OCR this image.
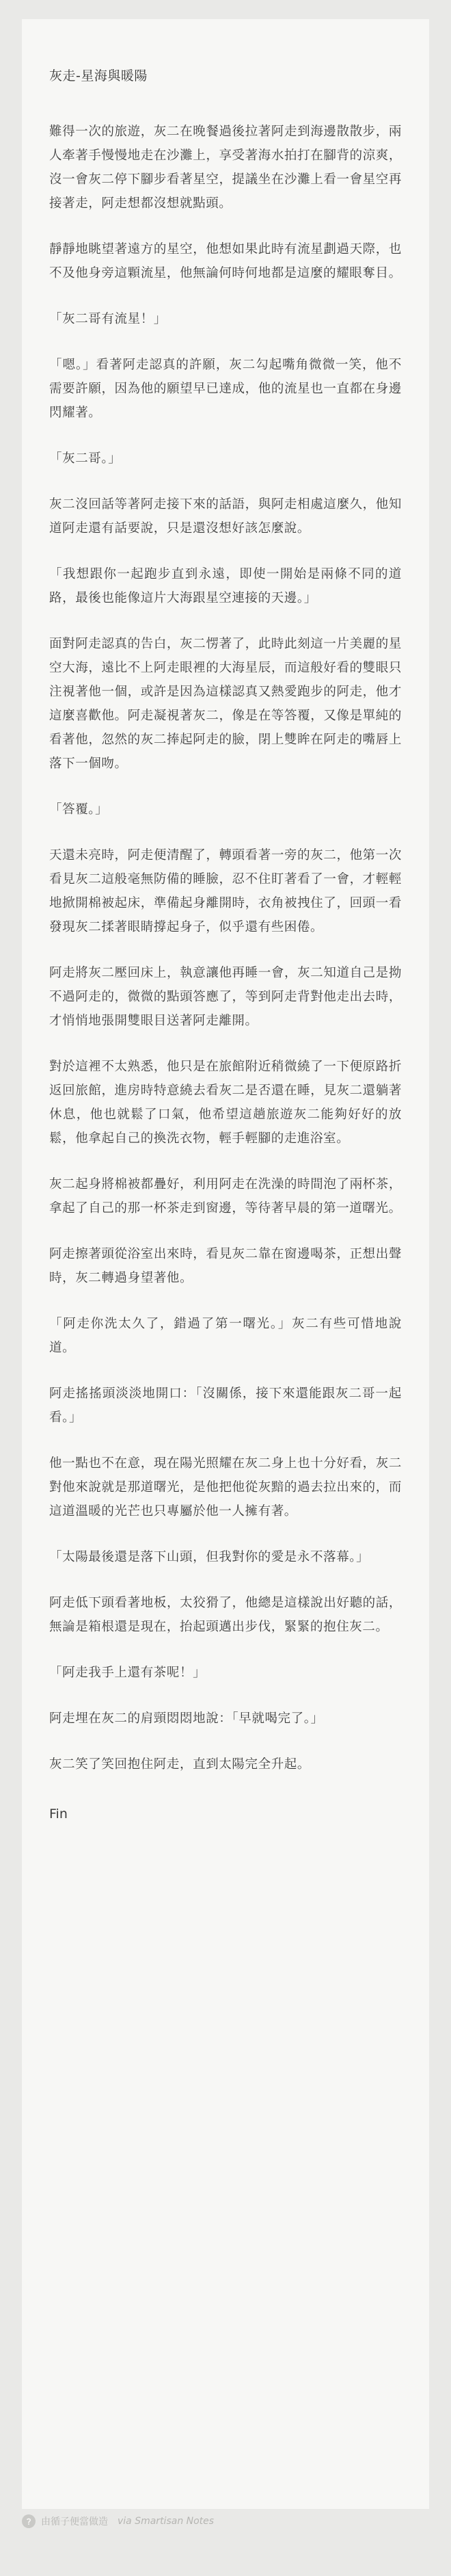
灰走-星海與暖陽

難得一次的旅遊，灰二在晚餐過後拉著阿走到海邊散散步，兩人牽著手慢慢地走在沙灘上，享受著海水拍打在腳背的涼爽，沒一會灰二停下腳步看著星空，提議坐在沙灘上看一會星空再接著走，阿走想都沒想就點頭。

靜靜地眺望著遠方的星空，他想如果此時有流星劃過天際，也不及他身旁這顆流星，他無論何時何地都是這麼的耀眼奪目。

「灰二哥有流星！」

「嗯。」看著阿走認真的許願，灰二勾起嘴角微微一笑，他不需要許願，因為他的願望早已達成，他的流星也一直都在身邊閃耀著。

「灰二哥。」

灰二沒回話等著阿走接下來的話語，與阿走相處這麼久，他知道阿走還有話要說，只是還沒想好該怎麼說。

「我想跟你一起跑步直到永遠，即使一開始是兩條不同的道路，最後也能像這片大海跟星空連接的天邊。」

面對阿走認真的告白，灰二愣著了，此時此刻這一片美麗的星空大海，遠比不上阿走眼裡的大海星辰，而這般好看的雙眼只注視著他一個，或許是因為這樣認真又熱愛跑步的阿走，他才這麼喜歡他。阿走凝視著灰二，像是在等答覆，又像是單純的看著他，忽然的灰二捧起阿走的臉，閉上雙眸在阿走的嘴唇上落下一個吻。

「答覆。」

天還未亮時，阿走便清醒了，轉頭看著一旁的灰二，他第一次看見灰二這般毫無防備的睡臉，忍不住盯著看了一會，才輕輕地掀開棉被起床，準備起身離開時，衣角被拽住了，回頭一看發現灰二揉著眼睛撐起身子，似乎還有些困倦。

阿走將灰二壓回床上，執意讓他再睡一會，灰二知道自己是拗不過阿走的，微微的點頭答應了，等到阿走背對他走出去時，才悄悄地張開雙眼目送著阿走離開。

對於這裡不太熟悉，他只是在旅館附近稍微繞了一下便原路折返回旅館，進房時特意繞去看灰二是否還在睡，見灰二還躺著休息，他也就鬆了口氣，他希望這趟旅遊灰二能夠好好的放鬆，他拿起自己的換洗衣物，輕手輕腳的走進浴室。

灰二起身將棉被都疊好，利用阿走在洗澡的時間泡了兩杯茶，拿起了自己的那一杯茶走到窗邊，等待著早晨的第一道曙光。

阿走擦著頭從浴室出來時，看見灰二靠在窗邊喝茶，正想出聲時，灰二轉過身望著他。

「阿走你洗太久了，錯過了第一曙光。」灰二有些可惜地說道。

阿走搖搖頭淡淡地開口：「沒關係，接下來還能跟灰二哥一起看。」

他一點也不在意，現在陽光照耀在灰二身上也十分好看，灰二對他來說就是那道曙光，是他把他從灰黯的過去拉出來的，而這道溫暖的光芒也只專屬於他一人擁有著。

「太陽最後還是落下山頭，但我對你的愛是永不落幕。」

阿走低下頭看著地板，太狡猾了，他總是這樣說出好聽的話，無論是箱根還是現在，抬起頭邁出步伐，緊緊的抱住灰二。

「阿走我手上還有茶呢！」

阿走埋在灰二的肩頸悶悶地說：「早就喝完了。」

灰二笑了笑回抱住阿走，直到太陽完全升起。

Fin
由循子便當做造 via Smartisan Notes
